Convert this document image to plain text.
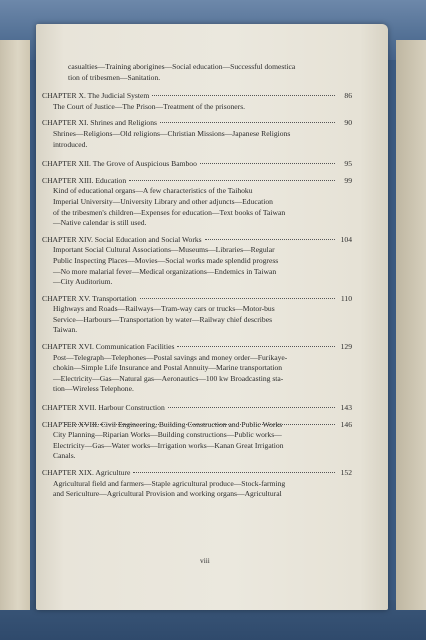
casualties—Training aborigines—Social education—Successful domestica
tion of tribesmen—Sanitation.
CHAPTER X. The Judicial System	86
The Court of Justice—The Prison—Treatment of the prisoners.
CHAPTER XI. Shrines and Religions	90
Shrines—Religions—Old religions—Christian Missions—Japanese Religions
introduced.
CHAPTER XII. The Grove of Auspicious Bamboo	95
CHAPTER XIII. Education	99
Kind of educational organs—A few characteristics of the Taihoku
Imperial University—University Library and other adjuncts—Education
of the tribesmen's children—Expenses for education—Text books of Taiwan
—Native calendar is still used.
CHAPTER XIV. Social Education and Social Works	104
Important Social Cultural Associations—Museums—Libraries—Regular
Public Inspecting Places—Movies—Social works made splendid progress
—No more malarial fever—Medical organizations—Endemics in Taiwan
—City Auditorium.
CHAPTER XV. Transportation	110
Highways and Roads—Railways—Tram-way cars or trucks—Motor-bus
Service—Harbours—Transportation by water—Railway chief describes
Taiwan.
CHAPTER XVI. Communication Facilities	129
Post—Telegraph—Telephones—Postal savings and money order—Furikaye-
chokin—Simple Life Insurance and Postal Annuity—Marine transportation
—Electricity—Gas—Natural gas—Aeronautics—100 kw Broadcasting sta-
tion—Wireless Telephone.
CHAPTER XVII. Harbour Construction	143
CHAPTER XVIII. Civil Engineering, Building Construction and Public Works	146
City Planning—Riparian Works—Building constructions—Public works—
Electricity—Gas—Water works—Irrigation works—Kanan Great Irrigation
Canals.
CHAPTER XIX. Agriculture	152
Agricultural field and farmers—Staple agricultural produce—Stock-farming
and Sericulture—Agricultural Provision and working organs—Agricultural
viii
